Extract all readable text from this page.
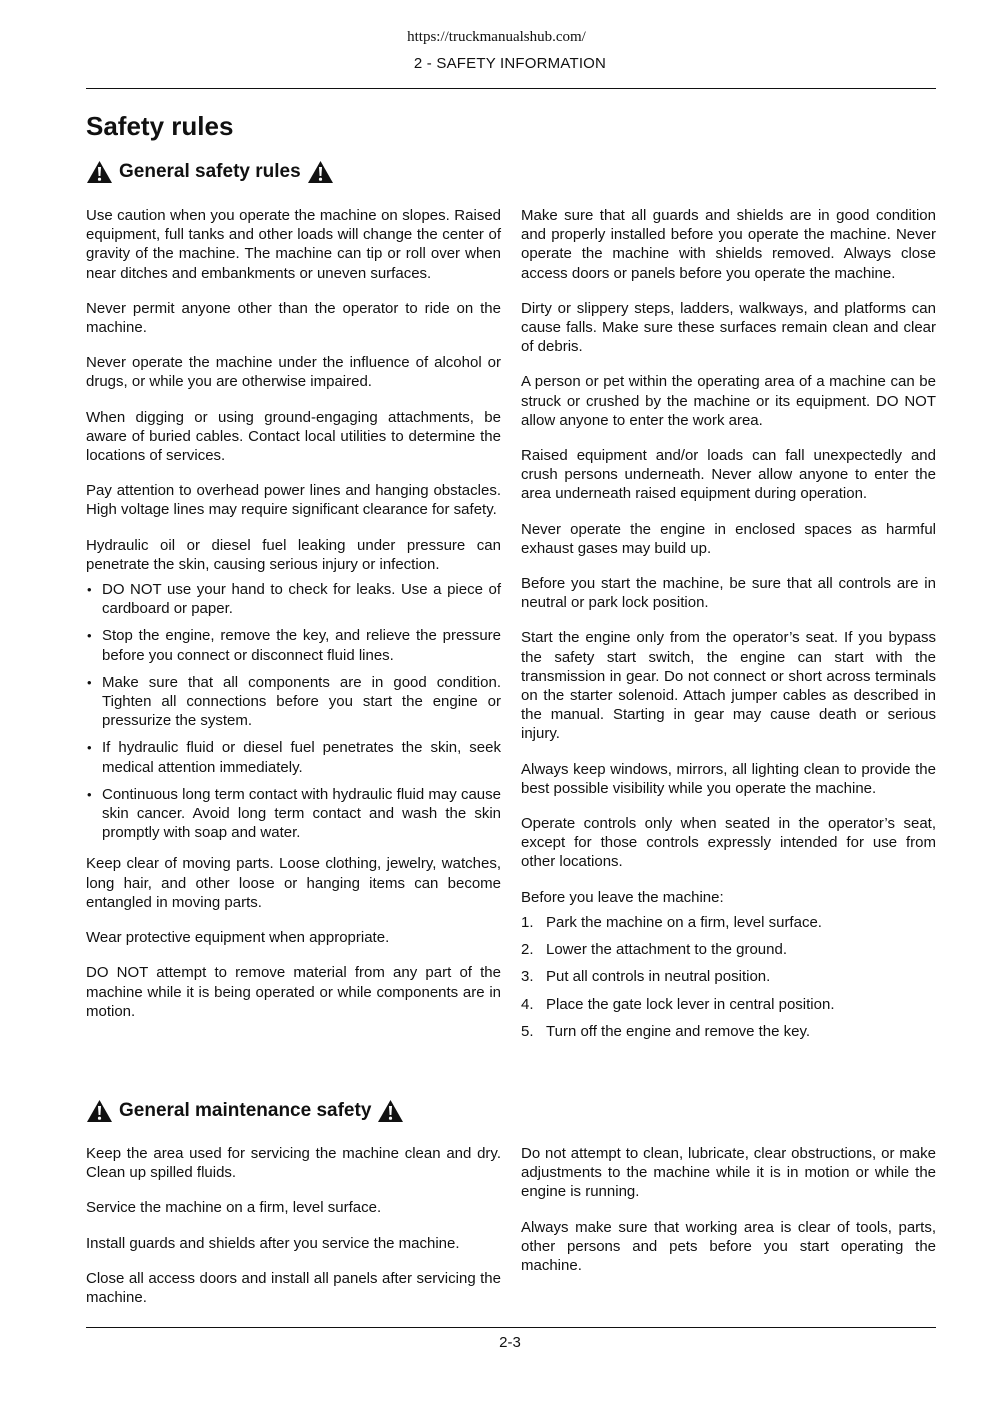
https://truckmanualshub.com/
2 - SAFETY INFORMATION
Safety rules
General safety rules

Use caution when you operate the machine on slopes. Raised equipment, full tanks and other loads will change the center of gravity of the machine. The machine can tip or roll over when near ditches and embankments or uneven surfaces.

Never permit anyone other than the operator to ride on the machine.

Never operate the machine under the influence of alcohol or drugs, or while you are otherwise impaired.

When digging or using ground-engaging attachments, be aware of buried cables. Contact local utilities to determine the locations of services.

Pay attention to overhead power lines and hanging obstacles. High voltage lines may require significant clearance for safety.

Hydraulic oil or diesel fuel leaking under pressure can penetrate the skin, causing serious injury or infection.

• DO NOT use your hand to check for leaks. Use a piece of cardboard or paper.
• Stop the engine, remove the key, and relieve the pressure before you connect or disconnect fluid lines.
• Make sure that all components are in good condition. Tighten all connections before you start the engine or pressurize the system.
• If hydraulic fluid or diesel fuel penetrates the skin, seek medical attention immediately.
• Continuous long term contact with hydraulic fluid may cause skin cancer. Avoid long term contact and wash the skin promptly with soap and water.

Keep clear of moving parts. Loose clothing, jewelry, watches, long hair, and other loose or hanging items can become entangled in moving parts.

Wear protective equipment when appropriate.

DO NOT attempt to remove material from any part of the machine while it is being operated or while components are in motion.

Make sure that all guards and shields are in good condition and properly installed before you operate the machine. Never operate the machine with shields removed. Always close access doors or panels before you operate the machine.

Dirty or slippery steps, ladders, walkways, and platforms can cause falls. Make sure these surfaces remain clean and clear of debris.

A person or pet within the operating area of a machine can be struck or crushed by the machine or its equipment. DO NOT allow anyone to enter the work area.

Raised equipment and/or loads can fall unexpectedly and crush persons underneath. Never allow anyone to enter the area underneath raised equipment during operation.

Never operate the engine in enclosed spaces as harmful exhaust gases may build up.

Before you start the machine, be sure that all controls are in neutral or park lock position.

Start the engine only from the operator’s seat. If you bypass the safety start switch, the engine can start with the transmission in gear. Do not connect or short across terminals on the starter solenoid. Attach jumper cables as described in the manual. Starting in gear may cause death or serious injury.

Always keep windows, mirrors, all lighting clean to provide the best possible visibility while you operate the machine.

Operate controls only when seated in the operator’s seat, except for those controls expressly intended for use from other locations.

Before you leave the machine:

1. Park the machine on a firm, level surface.
2. Lower the attachment to the ground.
3. Put all controls in neutral position.
4. Place the gate lock lever in central position.
5. Turn off the engine and remove the key.
General maintenance safety

Keep the area used for servicing the machine clean and dry. Clean up spilled fluids.

Service the machine on a firm, level surface.

Install guards and shields after you service the machine.

Close all access doors and install all panels after servicing the machine.

Do not attempt to clean, lubricate, clear obstructions, or make adjustments to the machine while it is in motion or while the engine is running.

Always make sure that working area is clear of tools, parts, other persons and pets before you start operating the machine.

2-3
